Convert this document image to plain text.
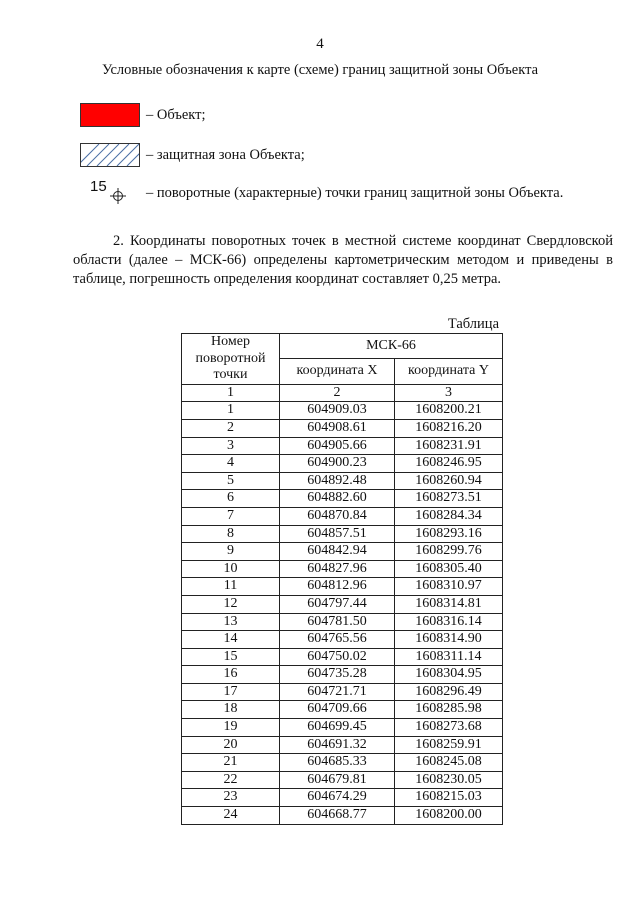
4
Условные обозначения к карте (схеме) границ защитной зоны Объекта
– Объект;
– защитная зона Объекта;
15	– поворотные (характерные) точки границ защитной зоны Объекта.
2. Координаты поворотных точек в местной системе координат Свердловской области (далее – МСК-66) определены картометрическим методом и приведены в таблице, погрешность определения координат составляет 0,25 метра.
Таблица
Номер поворотной точки	МСК-66	
	координата X	координата Y
1	2	3
1	604909.03	1608200.21
2	604908.61	1608216.20
3	604905.66	1608231.91
4	604900.23	1608246.95
5	604892.48	1608260.94
6	604882.60	1608273.51
7	604870.84	1608284.34
8	604857.51	1608293.16
9	604842.94	1608299.76
10	604827.96	1608305.40
11	604812.96	1608310.97
12	604797.44	1608314.81
13	604781.50	1608316.14
14	604765.56	1608314.90
15	604750.02	1608311.14
16	604735.28	1608304.95
17	604721.71	1608296.49
18	604709.66	1608285.98
19	604699.45	1608273.68
20	604691.32	1608259.91
21	604685.33	1608245.08
22	604679.81	1608230.05
23	604674.29	1608215.03
24	604668.77	1608200.00
